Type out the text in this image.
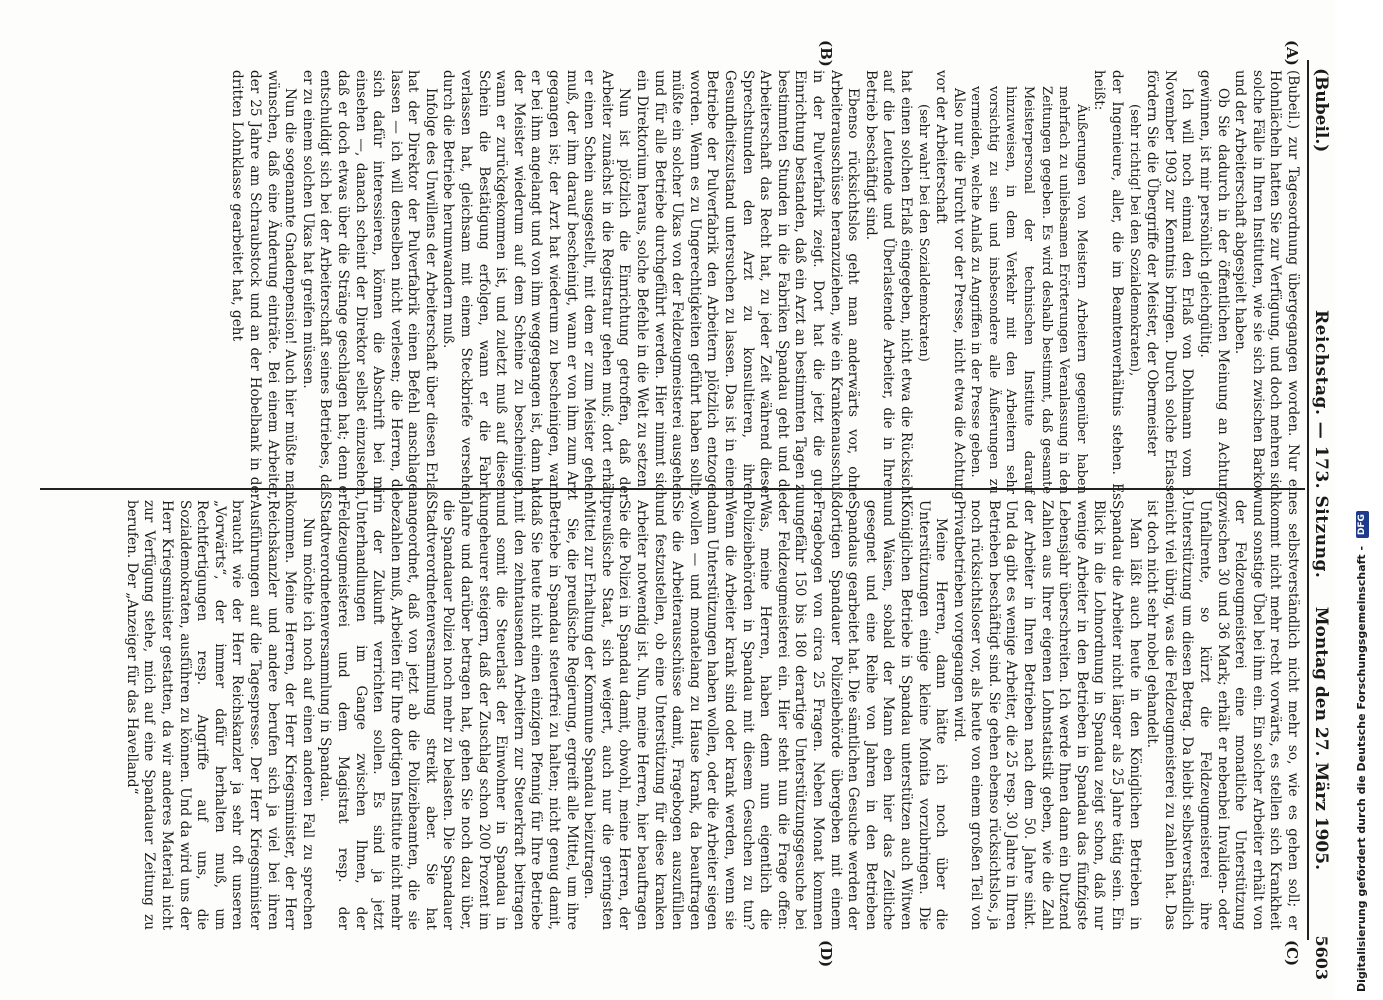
(Bubeil.)
Reichstag. — 173. Sitzung.
Montag den 27. März 1905.
5603
(A)
(B)
(C)
(D)

(Bubeil.) zur Tagesordnung übergegangen worden. Nur ein Hohnlächeln hatten Sie zur Verfügung, und doch mehren sich solche Fälle in Ihren Instituten, wie sie sich zwischen Barkow und der Arbeiterschaft abgespielt haben.

Ob Sie dadurch in der öffentlichen Meinung an Achtung gewinnen, ist mir persönlich gleichgültig.

Ich will noch einmal den Erlaß von Dohlmann vom 9. November 1903 zur Kenntnis bringen. Durch solche Erlasse fördern Sie die Übergriffe der Meister, der Obermeister

(sehr richtig! bei den Sozialdemokraten),

der Ingenieure, aller, die im Beamtenverhältnis stehen. Es heißt:

Äußerungen von Meistern Arbeitern gegenüber haben mehrfach zu unliebsamen Erörterungen Veranlassung in den Zeitungen gegeben. Es wird deshalb bestimmt, daß gesamte Meisterpersonal der technischen Institute darauf hinzuweisen, in dem Verkehr mit den Arbeitern sehr vorsichtig zu sein und insbesondere alle Äußerungen zu vermeiden, welche Anlaß zu Angriffen in der Presse geben.

Also nur die Furcht vor der Presse, nicht etwa die Achtung vor der Arbeiterschaft

(sehr wahr! bei den Sozialdemokraten)

hat einen solchen Erlaß eingegeben, nicht etwa die Rücksicht auf die Leutende und Überlastende Arbeiter, die in Ihrem Betrieb beschäftigt sind.

Ebenso rücksichtslos geht man anderwärts vor, ohne Arbeiterausschüsse heranzuziehen, wie ein Krankenausschuß in der Pulverfabrik zeigt. Dort hat die jetzt die gute Einrichtung bestanden, daß ein Arzt an bestimmten Tagen zu bestimmten Stunden in die Fabriken Spandau geht und die Arbeiterschaft das Recht hat, zu jeder Zeit während dieser Sprechstunden den Arzt zu konsultieren, ihren Gesundheitszustand untersuchen zu lassen. Das ist in einem Betriebe der Pulverfabrik den Arbeitern plötzlich entzogen worden. Wenn es zu Ungerechtigkeiten geführt haben sollte, müßte ein solcher Ukas von der Feldzeugmeisterei ausgehen und für alle Betriebe durchgeführt werden. Hier nimmt sich ein Direktorium heraus, solche Befehle in die Welt zu setzen.

Nun ist plötzlich die Einrichtung getroffen, daß der Arbeiter zunächst in die Registratur gehen muß; dort erhält er einen Schein ausgestellt, mit dem er zum Meister gehen muß, der ihm darauf bescheinigt, wann er von ihm zum Arzt gegangen ist; der Arzt hat wiederum zu bescheinigen, wann er bei ihm angelangt und von ihm weggegangen ist, dann hat der Meister wiederum auf dem Scheine zu bescheinigen, wann er zurückgekommen ist, und zuletzt muß auf diesem Schein die Bestätigung erfolgen, wann er die Fabrik verlassen hat, gleichsam mit einem Steckbriefe versehen durch die Betriebe herumwandern muß.

Infolge des Unwillens der Arbeiterschaft über diesen Erlaß hat der Direktor der Pulverfabrik einen Befehl anschlagen lassen — ich will denselben nicht verlesen; die Herren, die sich dafür interessieren, können die Abschrift bei mir einsehen —, danach scheint der Direktor selbst einzusehen, daß er doch etwas über die Stränge geschlagen hat; denn er entschuldigt sich bei der Arbeiterschaft seines Betriebes, daß er zu einem solchen Ukas hat greifen müssen.

Nun die sogenannte Gnadenpension! Auch hier müßte man wünschen, daß eine Änderung einträte. Bei einem Arbeiter, der 25 Jahre am Schraubstock und an der Hobelbank in der dritten Lohnklasse gearbeitet hat, geht

es selbstverständlich nicht mehr so, wie es gehen soll; er kommt nicht mehr recht vorwärts, es stellen sich Krankheit und sonstige Übel bei ihm ein. Ein solcher Arbeiter erhält von der Feldzeugmeisterei eine monatliche Unterstützung zwischen 30 und 36 Mark; erhält er nebenbei Invaliden- oder Unfallrente, so kürzt die Feldzeugmeisterei ihre Unterstützung um diesen Betrag. Da bleibt selbstverständlich nicht viel übrig, was die Feldzeugmeisterei zu zahlen hat. Das ist doch nicht sehr nobel gehandelt.

Man läßt auch heute in den Königlichen Betrieben in Spandau die Arbeiter nicht länger als 25 Jahre tätig sein. Ein Blick in die Lohnordnung in Spandau zeigt schon, daß nur wenige Arbeiter in den Betrieben in Spandau das fünfzigste Lebensjahr überschreiten. Ich werde Ihnen dann ein Dutzend Zahlen aus Ihrer eigenen Lohnstatistik geben, wie die Zahl der Arbeiter in Ihren Betrieben nach dem 50. Jahre sinkt. Und da gibt es wenige Arbeiter, die 25 resp. 30 Jahre in Ihren Betrieben beschäftigt sind. Sie gehen ebenso rücksichtslos, ja noch rücksichtsloser vor, als heute von einem großen Teil von Privatbetrieben vorgegangen wird.

Meine Herren, dann hätte ich noch über die Unterstützungen einige kleine Monita vorzubringen. Die Königlichen Betriebe in Spandau unterstützen auch Witwen und Waisen, sobald der Mann eben hier das Zeitliche gesegnet und eine Reihe von Jahren in den Betrieben Spandaus gearbeitet hat. Die sämtlichen Gesuche werden der dortigen Spandauer Polizeibehörde übergeben mit einem Fragebogen von circa 25 Fragen. Neben Monat kommen ungefähr 150 bis 180 derartige Unterstützungsgesuche bei der Feldzeugmeisterei ein. Hier steht nun die Frage offen: Was, meine Herren, haben denn nun eigentlich die Polizeibehörden in Spandau mit diesem Gesuchen zu tun? Wenn die Arbeiter krank sind oder krank werden, wenn sie dann Unterstützungen haben wollen, oder die Arbeiter siegen wollen — und monatelang zu Hause krank, da beauftragen Sie die Arbeiterausschüsse damit, Fragebogen auszufüllen und festzustellen, ob eine Unterstützung für diese kranken Arbeiter notwendig ist. Nun, meine Herren, hier beauftragen Sie die Polizei in Spandau damit, obwohl, meine Herren, der preußische Staat, sich weigert, auch nur die geringsten Mittel zur Erhaltung der Kommune Spandau beizutragen.

Sie, die preußische Regierung, ergreift alle Mittel, um ihre Betriebe in Spandau steuerfrei zu halten; nicht genug damit, daß Sie heute nicht einen einzigen Pfennig für Ihre Betriebe mit den zehntausenden Arbeitern zur Steuerkraft beitragen und somit die Steuerlast der Einwohner in Spandau in ungeheurer steigern, daß der Zuschlag schon 200 Prozent im Jahre und darüber betragen hat, gehen Sie noch dazu über, die Spandauer Polizei noch mehr zu belasten. Die Spandauer Stadtverordnetenversammlung streikt aber. Sie hat angeordnet, daß von jetzt ab die Polizeibeamten, die sie bezahlen muß, Arbeiten für Ihre dortigen Institute nicht mehr in der Zukunft verrichten sollen. Es sind ja jetzt Unterhandlungen im Gange zwischen Ihnen, der Feldzeugmeisterei und dem Magistrat resp. der Stadtverordnetenversammlung in Spandau.

Nun möchte ich noch auf einen anderen Fall zu sprechen kommen. Meine Herren, der Herr Kriegsminister, der Herr Reichskanzler und andere berufen sich ja viel bei ihren Ausführungen auf die Tagespresse. Der Herr Kriegsminister braucht wie der Herr Reichskanzler ja sehr oft unseren „Vorwärts“, der immer dafür herhalten muß, um Rechtfertigungen resp. Angriffe auf uns, die Sozialdemokraten, ausführen zu können. Und da wird uns der Herr Kriegsminister gestatten, da wir anderes Material nicht zur Verfügung stehe, mich auf eine Spandauer Zeitung zu berufen. Der „Anzeiger für das Havelland“	Digitalisierung gefördert durch die Deutsche Forschungsgemeinschaft - DFG
